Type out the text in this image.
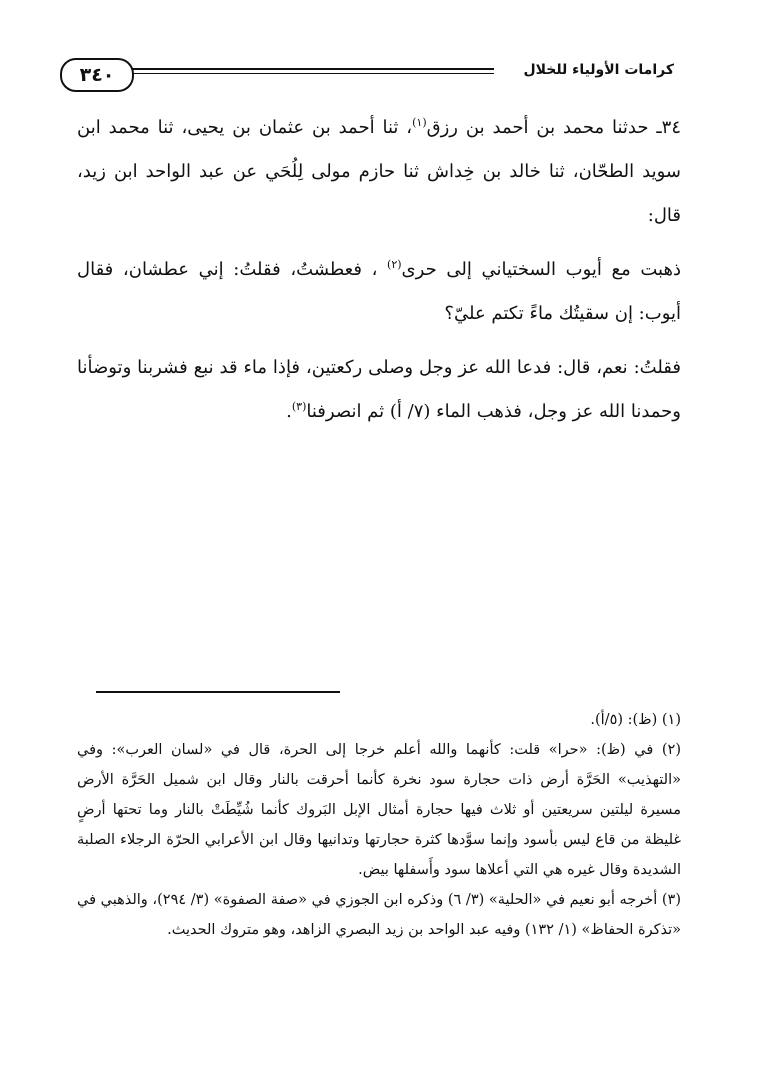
كرامات الأولياء للخلال
٣٤٠

٣٤ـ حدثنا محمد بن أحمد بن رزق$^{(١)}$، ثنا أحمد بن عثمان بن يحيى، ثنا محمد ابن سويد الطحّان، ثنا خالد بن خِداش ثنا حازم مولى لِلُحَي عن عبد الواحد ابن زيد، قال:

ذهبت مع أيوب السختياني إلى حرى$^{(٢)}$ ، فعطشتُ، فقلتُ: إني عطشان، فقال أيوب: إن سقيتُك ماءً تكتم عليّ؟

فقلتُ: نعم، قال: فدعا الله عز وجل وصلى ركعتين، فإذا ماء قد نبع فشربنا وتوضأنا وحمدنا الله عز وجل، فذهب الماء (٧/ أ) ثم انصرفنا$^{(٣)}$.

(١) (ظ): (٥/أ).

(٢) في (ظ): «حرا» قلت: كأنهما والله أعلم خرجا إلى الحرة، قال في «لسان العرب»: وفي «التهذيب» الحَرَّة أرض ذات حجارة سود نخرة كأنما أحرقت بالنار وقال ابن شميل الحَرَّة الأرض مسيرة ليلتين سريعتين أو ثلاث فيها حجارة أمثال الإبل البَروك كأنما شُيِّطَتْ بالنار وما تحتها أرضٍ غليظة من قاع ليس بأسود وإنما سوَّدها كثرة حجارتها وتدانيها وقال ابن الأعرابي الحرّة الرجلاء الصلبة الشديدة وقال غيره هي التي أعلاها سود وأَسفلها بيض.

(٣) أخرجه أبو نعيم في «الحلية» (٣/ ٦) وذكره ابن الجوزي في «صفة الصفوة» (٣/ ٢٩٤)، والذهبي في «تذكرة الحفاظ» (١/ ١٣٢) وفيه عبد الواحد بن زيد البصري الزاهد، وهو متروك الحديث.
